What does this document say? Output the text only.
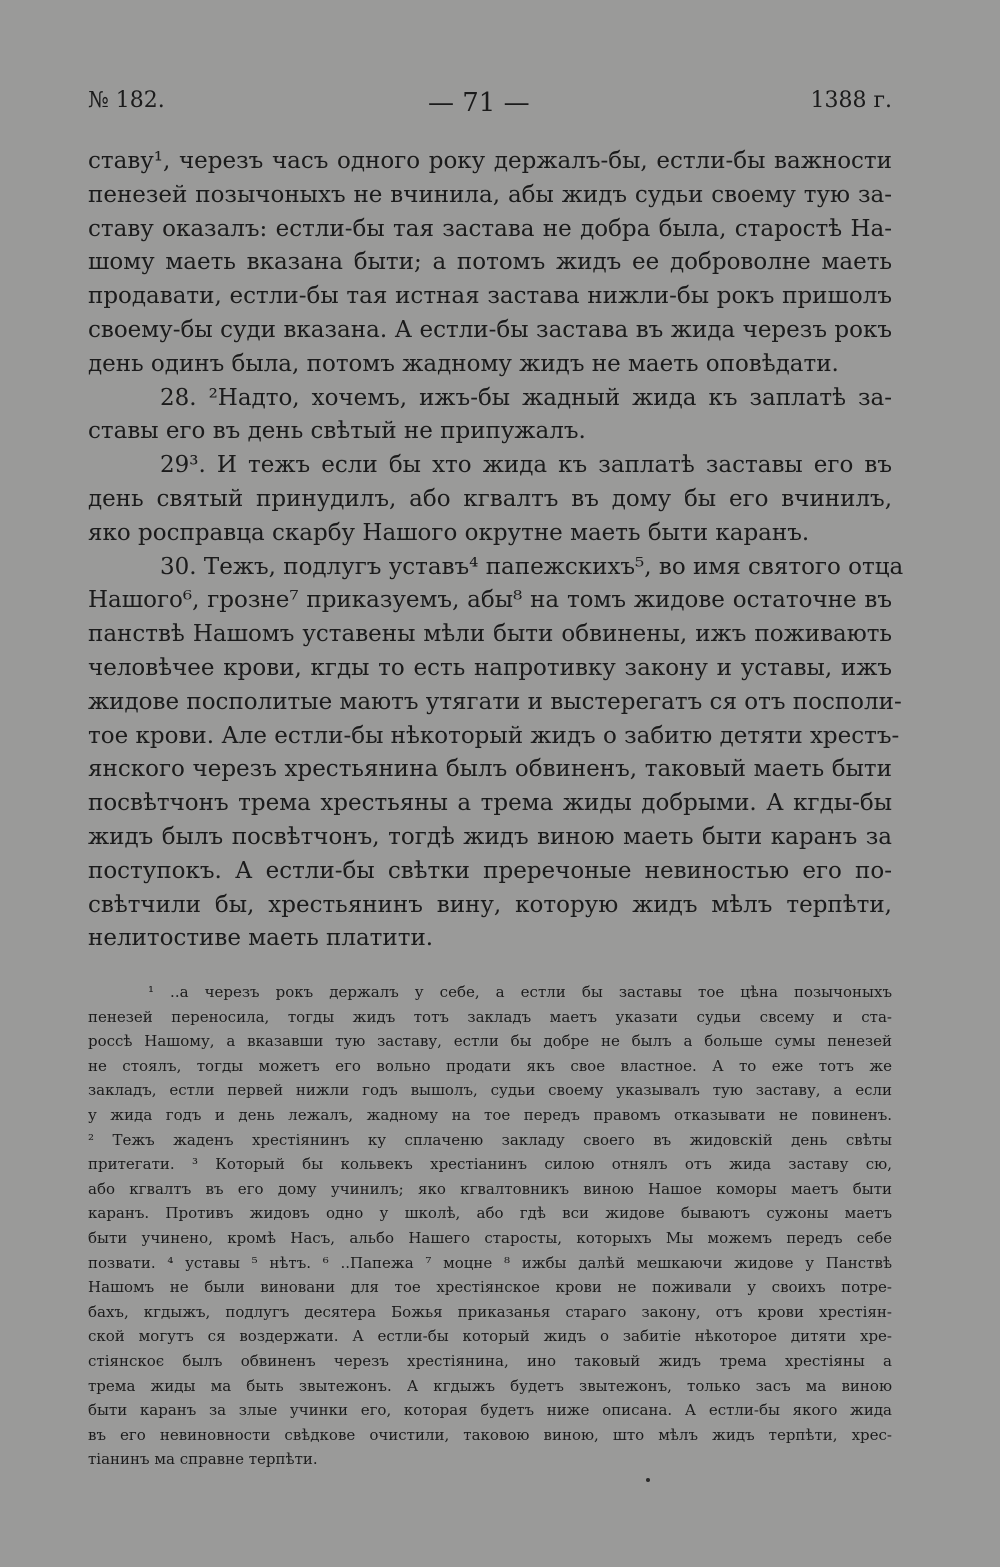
№ 182.	— 71 —	1388 г.
ставу¹, черезъ часъ одного року держалъ-бы, естли-бы важности
пенезей позычоныхъ не вчинила, абы жидъ судьи своему тую за-
ставу оказалъ: естли-бы тая застава не добра была, старостѣ На-
шому маеть вказана быти; а потомъ жидъ ее доброволне маеть
продавати, естли-бы тая истная застава нижли-бы рокъ пришолъ
своему-бы суди вказана. А естли-бы застава въ жида черезъ рокъ
день одинъ была, потомъ жадному жидъ не маеть оповѣдати.
28. ²Надто, хочемъ, ижъ-бы жадный жида къ заплатѣ за-
ставы его въ день свѣтый не припужалъ.
29³. И тежъ если бы хто жида къ заплатѣ заставы его въ
день святый принудилъ, або кгвалтъ въ дому бы его вчинилъ,
яко росправца скарбу Нашого окрутне маеть быти каранъ.
30. Тежъ, подлугъ уставъ⁴ папежскихъ⁵, во имя святого отца
Нашого⁶, грозне⁷ приказуемъ, абы⁸ на томъ жидове остаточне въ
панствѣ Нашомъ уставены мѣли быти обвинены, ижъ поживають
человѣчее крови, кгды то есть напротивку закону и уставы, ижъ
жидове посполитые маютъ утягати и выстерегатъ ся отъ посполи-
тое крови. Але естли-бы нѣкоторый жидъ о забитю детяти хрестъ-
янского черезъ хрестьянина былъ обвиненъ, таковый маеть быти
посвѣтчонъ трема хрестьяны а трема жиды добрыми. А кгды-бы
жидъ былъ посвѣтчонъ, тогдѣ жидъ виною маеть быти каранъ за
поступокъ. А естли-бы свѣтки преречоные невиностью его по-
свѣтчили бы, хрестьянинъ вину, которую жидъ мѣлъ терпѣти,
нелитостиве маеть платити.
¹ ..а черезъ рокъ держалъ у себе, а естли бы заставы тое цѣна позычоныхъ
пенезей переносила, тогды жидъ тотъ закладъ маетъ указати судьи свсему и ста-
россѣ Нашому, а вказавши тую заставу, естли бы добре не былъ а больше сумы пенезей
не стоялъ, тогды можетъ его вольно продати якъ свое властное. А то еже тотъ же
закладъ, естли первей нижли годъ вышолъ, судьи своему указывалъ тую заставу, а если
у жида годъ и день лежалъ, жадному на тое передъ правомъ отказывати не повиненъ.
² Тежъ жаденъ хрестіянинъ ку сплаченю закладу своего въ жидовскій день свѣты
притегати. ³ Который бы кольвекъ хрестіанинъ силою отнялъ отъ жида заставу сю,
або кгвалтъ въ его дому учинилъ; яко кгвалтовникъ виною Нашое коморы маетъ быти
каранъ. Противъ жидовъ одно у школѣ, або гдѣ вси жидове бываютъ сужоны маетъ
быти учинено, кромѣ Насъ, альбо Нашего старосты, которыхъ Мы можемъ передъ себе
позвати. ⁴ уставы ⁵ нѣтъ. ⁶ ..Папежа ⁷ моцне ⁸ ижбы далѣй мешкаючи жидове у Панствѣ
Нашомъ не были виновани для тое хрестіянское крови не поживали у своихъ потре-
бахъ, кгдыжъ, подлугъ десятера Божья приказанья стараго закону, отъ крови хрестіян-
ской могутъ ся воздержати. А естли-бы который жидъ о забитіе нѣкоторое дитяти хре-
стіянскоє былъ обвиненъ черезъ хрестіянина, ино таковый жидъ трема хрестіяны а
трема жиды ма быть звытежонъ. А кгдыжъ будетъ звытежонъ, только засъ ма виною
быти каранъ за злые учинки его, которая будетъ ниже описана. А естли-бы якого жида
въ его невиновности свѣдкове очистили, таковою виною, што мѣлъ жидъ терпѣти, хрес-
тіанинъ ма справне терпѣти.
